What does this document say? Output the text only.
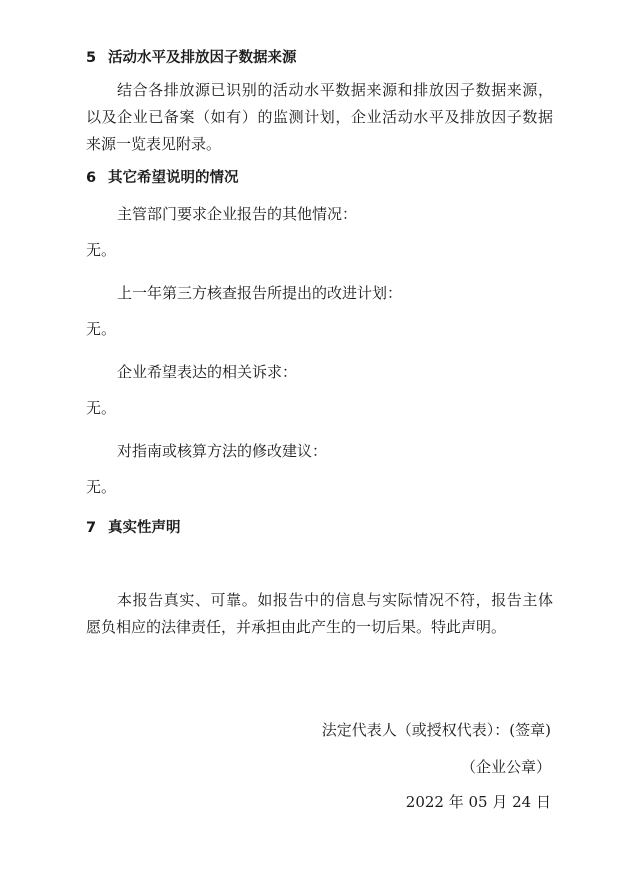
5 活动水平及排放因子数据来源
结合各排放源已识别的活动水平数据来源和排放因子数据来源，
以及企业已备案（如有）的监测计划，企业活动水平及排放因子数据
来源一览表见附录。
6 其它希望说明的情况
主管部门要求企业报告的其他情况：
无。
上一年第三方核查报告所提出的改进计划：
无。
企业希望表达的相关诉求：
无。
对指南或核算方法的修改建议：
无。
7 真实性声明
本报告真实、可靠。如报告中的信息与实际情况不符，报告主体
愿负相应的法律责任，并承担由此产生的一切后果。特此声明。
法定代表人（或授权代表）：(签章)
（企业公章）
2022 年 05 月 24 日
